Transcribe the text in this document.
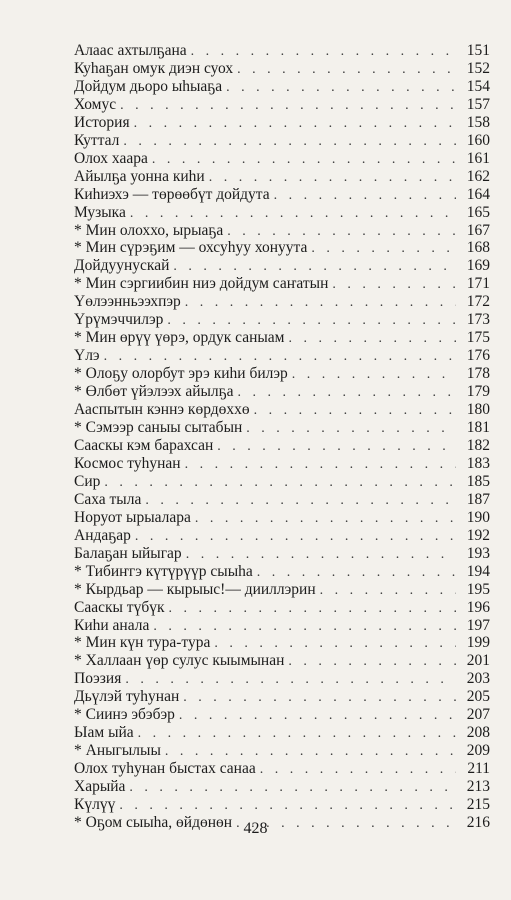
Алаас ахтылҕана . . .	151
Куһаҕан омук диэн суох . . .	152
Дойдум дьоро ыһыаҕа . . .	154
Хомус . . .	157
История . . .	158
Куттал . . .	160
Олох хаара . . .	161
Айылҕа уонна киһи . . .	162
Киһиэхэ — төрөөбүт дойдута . . .	164
Музыка . . .	165
* Мин олоххо, ырыаҕа . . .	167
* Мин сүрэҕим — охсуһуу хонуута . . .	168
Дойдуунускай . . .	169
* Мин сэргиибин ниэ дойдум саҥатын . . .	171
Үөлээнньээхпэр . . .	172
Үрүмэччилэр . . .	173
* Мин өрүү үөрэ, ордук саныам . . .	175
Үлэ . . .	176
* Олоҕу олорбут эрэ киһи билэр . . .	178
* Өлбөт үйэлээх айылҕа . . .	179
Ааспытын кэннэ көрдөххө . . .	180
* Сэмээр саныы сытабын . . .	181
Сааскы кэм барахсан . . .	182
Космос туһунан . . .	183
Сир . . .	185
Саха тыла . . .	187
Норуот ырыалара . . .	190
Андаҕар . . .	192
Балаҕан ыйыгар . . .	193
* Тибиҥгэ күтүрүүр сыыһа . . .	194
* Кырдьар — кырыыс!— дииллэрин . . .	195
Сааскы түбүк . . .	196
Киһи анала . . .	197
* Мин күн тура-тура . . .	199
* Халлаан үөр сулус кыымынан . . .	201
Поэзия . . .	203
Дьүлэй туһунан . . .	205
* Сиинэ эбэбэр . . .	207
Ыам ыйа . . .	208
* Аныгылыы . . .	209
Олох туһунан быстах санаа . . .	211
Харыйа . . .	213
Күлүү . . .	215
* Оҕом сыыһа, өйдөнөн . . .	216
428
